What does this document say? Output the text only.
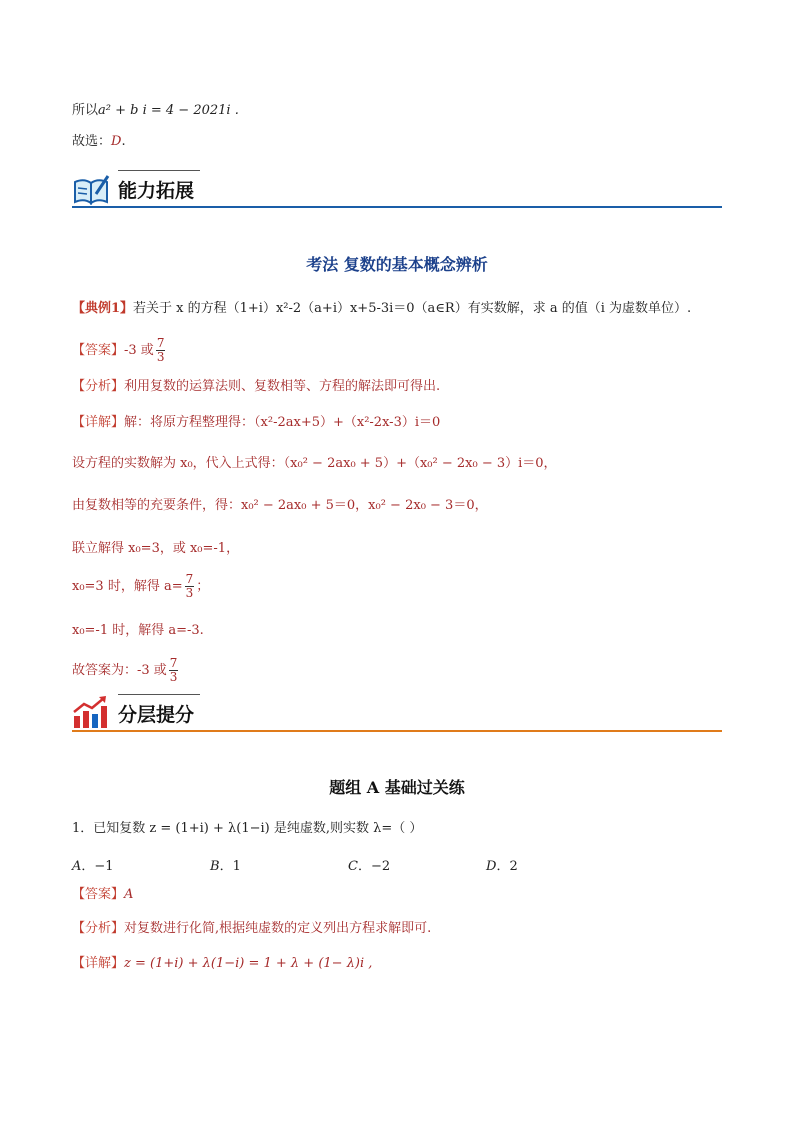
所以a² + b i = 4 − 2021i .
故选：D.
能力拓展
考法 复数的基本概念辨析
【典例1】若关于 x 的方程（1+i）x²-2（a+i）x+5-3i＝0（a∈R）有实数解，求 a 的值（i 为虚数单位）.
【答案】-3 或 $\frac{7}{3}$
【分析】利用复数的运算法则、复数相等、方程的解法即可得出.
【详解】解：将原方程整理得：（x²-2ax+5）+（x²-2x-3）i＝0
设方程的实数解为 x₀，代入上式得：（x₀² − 2ax₀ + 5）+（x₀² − 2x₀ − 3）i＝0，
由复数相等的充要条件，得：x₀² − 2ax₀ + 5＝0，x₀² − 2x₀ − 3＝0，
联立解得 x₀=3，或 x₀=-1，
x₀=3 时，解得 $a= \frac{7}{3}$ ；
x₀=-1 时，解得 a=-3.
故答案为：-3 或 $\frac{7}{3}$
分层提分
题组 A 基础过关练
1．已知复数 z = (1+i) + λ(1−i) 是纯虚数,则实数 λ=（ ）
A．−1	B．1	C．−2	D．2
【答案】A
【分析】对复数进行化简,根据纯虚数的定义列出方程求解即可.
【详解】z = (1+i) + λ(1−i) = 1 + λ + (1− λ)i ,
